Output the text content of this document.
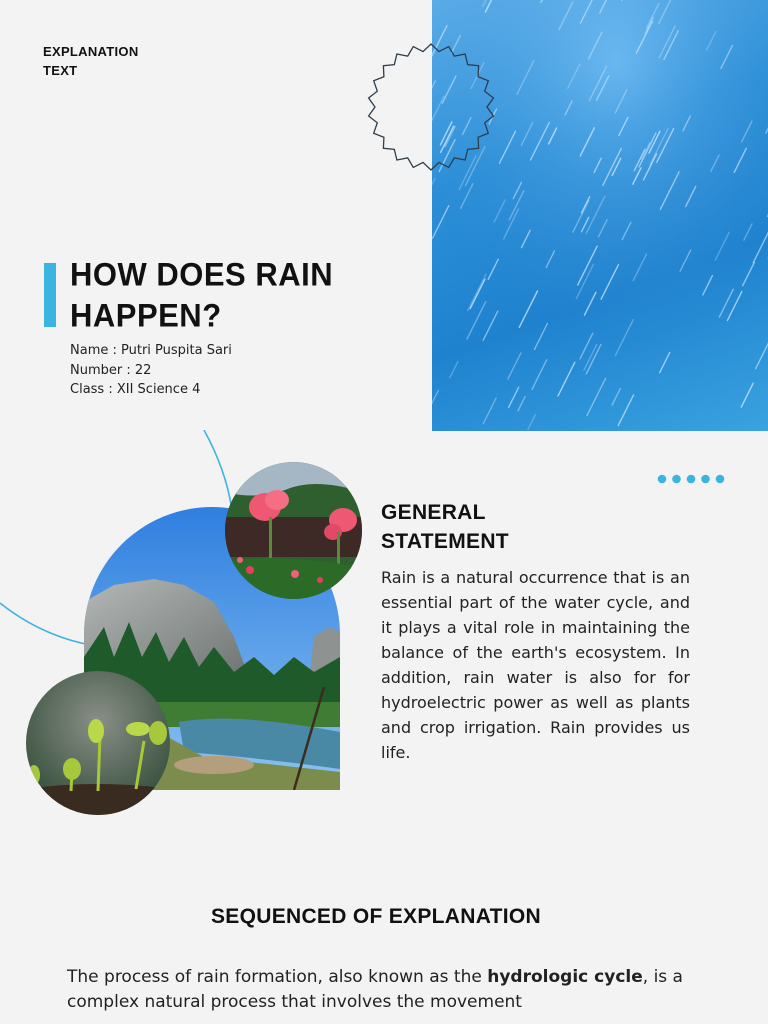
EXPLANATION
TEXT
HOW DOES RAIN
HAPPEN?
Name : Putri Puspita Sari
Number : 22
Class : XII Science 4
GENERAL
STATEMENT
Rain is a natural occurrence that is an essential part of the water cycle, and it plays a vital role in maintaining the balance of the earth's ecosystem. In addition, rain water is also for for hydroelectric power as well as plants and crop irrigation. Rain provides us life.
SEQUENCED OF EXPLANATION
The process of rain formation, also known as the hydrologic cycle, is a complex natural process that involves the movement
